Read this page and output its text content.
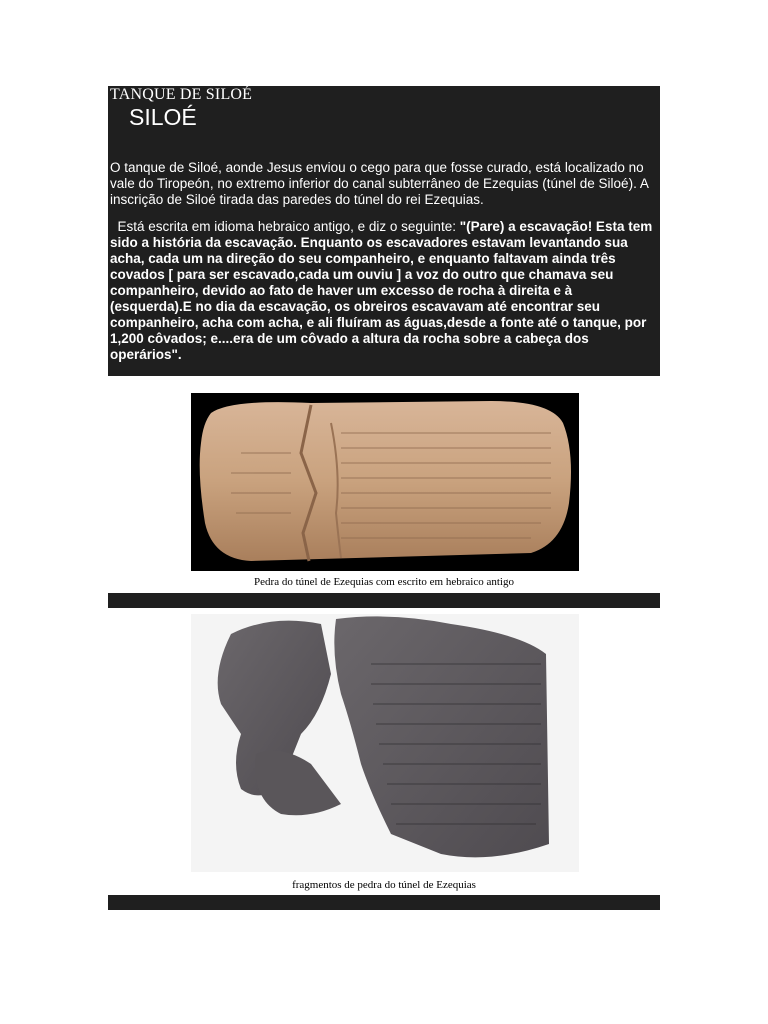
TANQUE DE SILOÉ
SILOÉ

O tanque de Siloé, aonde Jesus enviou o cego para que fosse curado, está localizado no vale do Tiropeón, no extremo inferior do canal subterrâneo de Ezequias (túnel de Siloé). A inscrição de Siloé tirada das paredes do túnel do rei Ezequias.

Está escrita em idioma hebraico antigo, e diz o seguinte: "(Pare) a escavação! Esta tem sido a história da escavação. Enquanto os escavadores estavam levantando sua acha, cada um na direção do seu companheiro, e enquanto faltavam ainda três covados [ para ser escavado,cada um ouviu ] a voz do outro que chamava seu companheiro, devido ao fato de haver um excesso de rocha à direita e à (esquerda).E no dia da escavação, os obreiros escavavam até encontrar seu companheiro, acha com acha, e ali fluíram as águas,desde a fonte até o tanque, por 1,200 côvados; e....era de um côvado a altura da rocha sobre a cabeça dos operários".

Pedra do túnel de Ezequias com escrito em hebraico antigo
fragmentos de pedra do túnel de Ezequias
